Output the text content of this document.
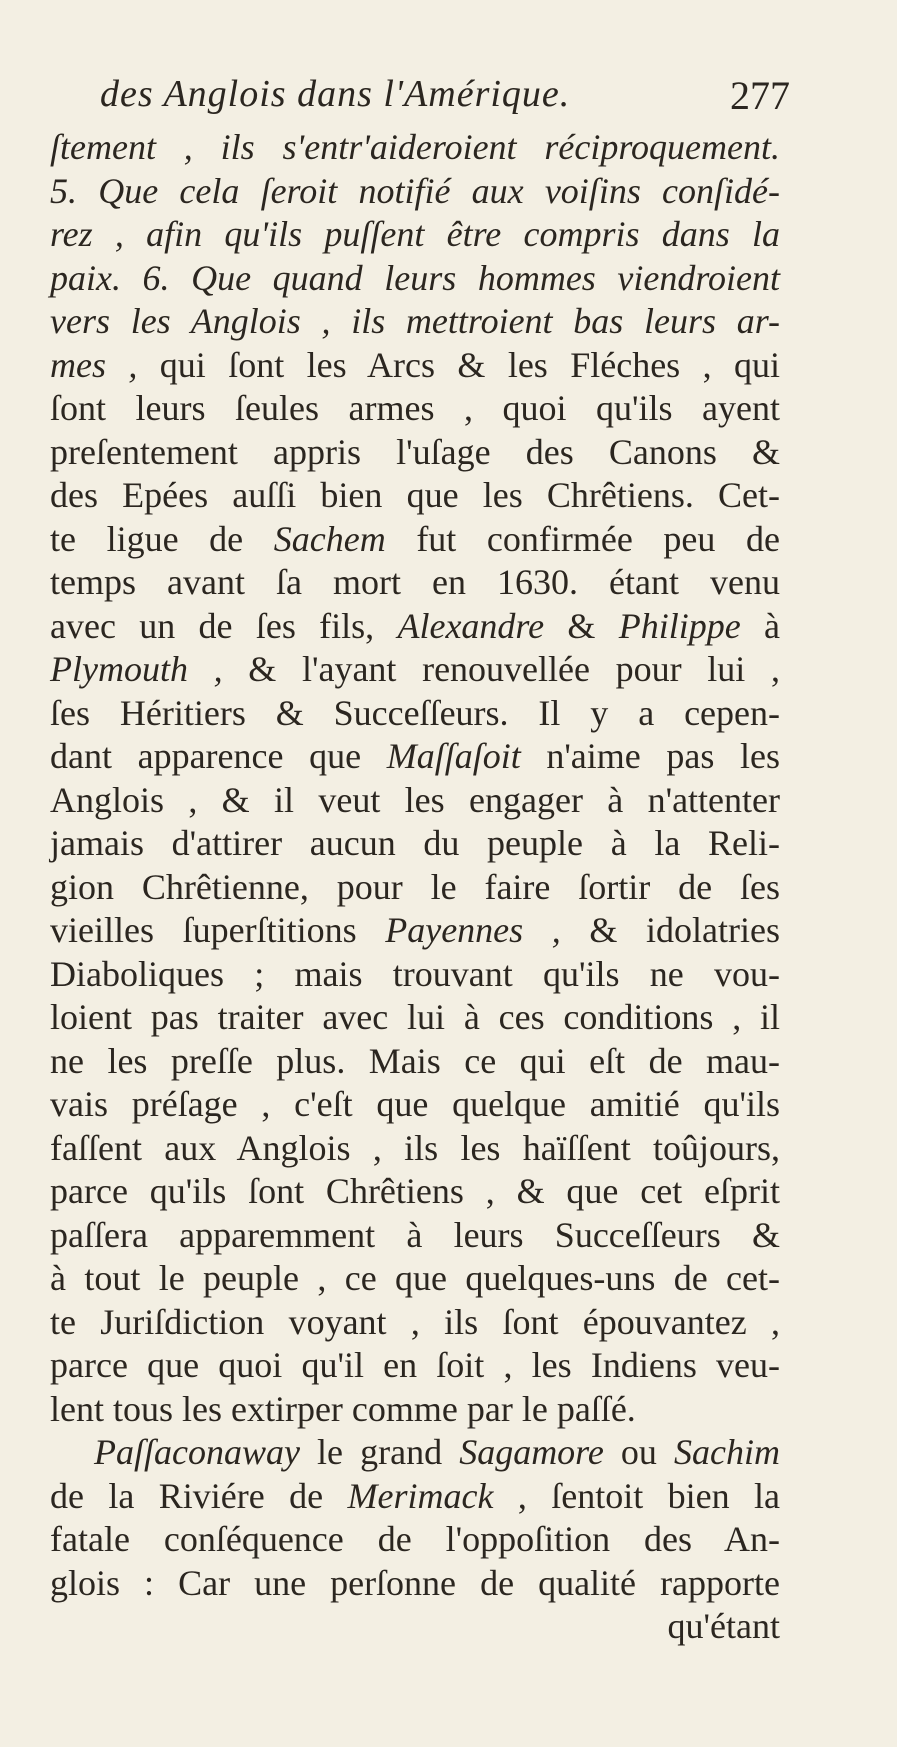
des Anglois dans l'Amérique.	277
ſtement , ils s'entr'aideroient réciproquement.
5. Que cela ſeroit notifié aux voiſins conſidé-
rez , afin qu'ils puſſent être compris dans la
paix. 6. Que quand leurs hommes viendroient
vers les Anglois , ils mettroient bas leurs ar-
mes , qui ſont les Arcs & les Fléches , qui
ſont leurs ſeules armes , quoi qu'ils ayent
preſentement appris l'uſage des Canons &
des Epées auſſi bien que les Chrêtiens. Cet-
te ligue de Sachem fut confirmée peu de
temps avant ſa mort en 1630. étant venu
avec un de ſes fils, Alexandre & Philippe à
Plymouth , & l'ayant renouvellée pour lui ,
ſes Héritiers & Succeſſeurs. Il y a cepen-
dant apparence que Maſſaſoit n'aime pas les
Anglois , & il veut les engager à n'attenter
jamais d'attirer aucun du peuple à la Reli-
gion Chrêtienne, pour le faire ſortir de ſes
vieilles ſuperſtitions Payennes , & idolatries
Diaboliques ; mais trouvant qu'ils ne vou-
loient pas traiter avec lui à ces conditions , il
ne les preſſe plus. Mais ce qui eſt de mau-
vais préſage , c'eſt que quelque amitié qu'ils
faſſent aux Anglois , ils les haïſſent toûjours,
parce qu'ils ſont Chrêtiens , & que cet eſprit
paſſera apparemment à leurs Succeſſeurs &
à tout le peuple , ce que quelques-uns de cet-
te Juriſdiction voyant , ils ſont épouvantez ,
parce que quoi qu'il en ſoit , les Indiens veu-
lent tous les extirper comme par le paſſé.
Paſſaconaway le grand Sagamore ou Sachim
de la Riviére de Merimack , ſentoit bien la
fatale conſéquence de l'oppoſition des An-
glois : Car une perſonne de qualité rapporte
qu'étant
